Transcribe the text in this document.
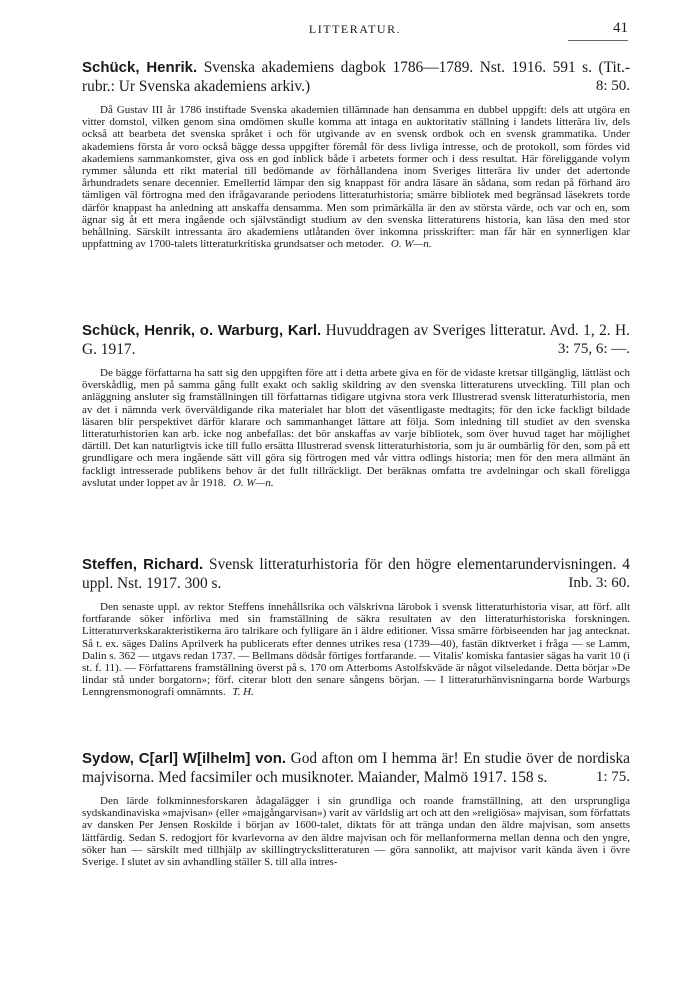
LITTERATUR.	41
Schück, Henrik. Svenska akademiens dagbok 1786—1789. Nst. 1916. 591 s. (Tit.-rubr.: Ur Svenska akademiens arkiv.)	8: 50.
Då Gustav III år 1786 instiftade Svenska akademien tillämnade han densamma en dubbel uppgift: dels att utgöra en vitter domstol, vilken genom sina omdömen skulle komma att intaga en auktoritativ ställning i landets litterära liv, dels också att bearbeta det svenska språket i och för utgivande av en svensk ordbok och en svensk grammatika. Under akademiens första år voro också bägge dessa uppgifter föremål för dess livliga intresse, och de protokoll, som fördes vid akademiens sammankomster, giva oss en god inblick både i arbetets former och i dess resultat. Här föreliggande volym rymmer sålunda ett rikt material till bedömande av förhållandena inom Sveriges litterära liv under det adertonde århundradets senare decennier. Emellertid lämpar den sig knappast för andra läsare än sådana, som redan på förhand äro tämligen väl förtrogna med den ifrågavarande periodens litteraturhistoria; smärre bibliotek med begränsad läsekrets torde därför knappast ha anledning att anskaffa densamma. Men som primärkälla är den av största värde, och var och en, som ägnar sig åt ett mera ingående och självständigt studium av den svenska litteraturens historia, kan läsa den med stor behållning. Särskilt intressanta äro akademiens utlåtanden över inkomna prisskrifter: man får här en synnerligen klar uppfattning av 1700-talets litteraturkritiska grundsatser och metoder. O. W—n.
Schück, Henrik, o. Warburg, Karl. Huvuddragen av Sveriges litteratur. Avd. 1, 2. H. G. 1917.	3: 75, 6: —.
De bägge författarna ha satt sig den uppgiften före att i detta arbete giva en för de vidaste kretsar tillgänglig, lättläst och överskådlig, men på samma gång fullt exakt och saklig skildring av den svenska litteraturens utveckling. Till plan och anläggning ansluter sig framställningen till författarnas tidigare utgivna stora verk Illustrerad svensk litteraturhistoria, men av det i nämnda verk överväldigande rika materialet har blott det väsentligaste medtagits; för den icke fackligt bildade läsaren blir perspektivet därför klarare och sammanhanget lättare att följa. Som inledning till studiet av den svenska litteraturhistorien kan arb. icke nog anbefallas: det bör anskaffas av varje bibliotek, som över huvud taget har möjlighet därtill. Det kan naturligtvis icke till fullo ersätta Illustrerad svensk litteraturhistoria, som ju är oumbärlig för den, som på ett grundligare och mera ingående sätt vill göra sig förtrogen med vår vittra odlings historia; men för den mera allmänt än fackligt intresserade publikens behov är det fullt tillräckligt. Det beräknas omfatta tre avdelningar och skall föreligga avslutat under loppet av år 1918. O. W—n.
Steffen, Richard. Svensk litteraturhistoria för den högre elementarundervisningen. 4 uppl. Nst. 1917. 300 s.	Inb. 3: 60.
Den senaste uppl. av rektor Steffens innehållsrika och välskrivna lärobok i svensk litteraturhistoria visar, att förf. allt fortfarande söker införliva med sin framställning de säkra resultaten av den litteraturhistoriska forskningen. Litteraturverkskarakteristikerna äro talrikare och fylligare än i äldre editioner. Vissa smärre förbiseenden har jag antecknat. Så t. ex. säges Dalins Aprilverk ha publicerats efter dennes utrikes resa (1739—40), fastän diktverket i fråga — se Lamm, Dalin s. 362 — utgavs redan 1737. — Bellmans dödsår förtiges fortfarande. — Vitalis' komiska fantasier sägas ha varit 10 (i st. f. 11). — Författarens framställning överst på s. 170 om Atterboms Astolfskväde är något vilseledande. Detta börjar »De lindar stå under borgatorn»; förf. citerar blott den senare sångens början. — I litteraturhänvisningarna borde Warburgs Lenngrensmonografi omnämnts. T. H.
Sydow, C[arl] W[ilhelm] von. God afton om I hemma är! En studie över de nordiska majvisorna. Med facsimiler och musiknoter. Maiander, Malmö 1917. 158 s.	1: 75.
Den lärde folkminnesforskaren ådagalägger i sin grundliga och roande framställning, att den ursprungliga sydskandinaviska »majvisan» (eller »majgångarvisan») varit av världslig art och att den »religiösa» majvisan, som författats av dansken Per Jensen Roskilde i början av 1600-talet, diktats för att tränga undan den äldre majvisan, som ansetts lättfärdig. Sedan S. redogjort för kvarlevorna av den äldre majvisan och för mellanformerna mellan denna och den yngre, söker han — särskilt med tillhjälp av skillingtryckslitteraturen — göra sannolikt, att majvisor varit kända även i övre Sverige. I slutet av sin avhandling ställer S. till alla intres-
